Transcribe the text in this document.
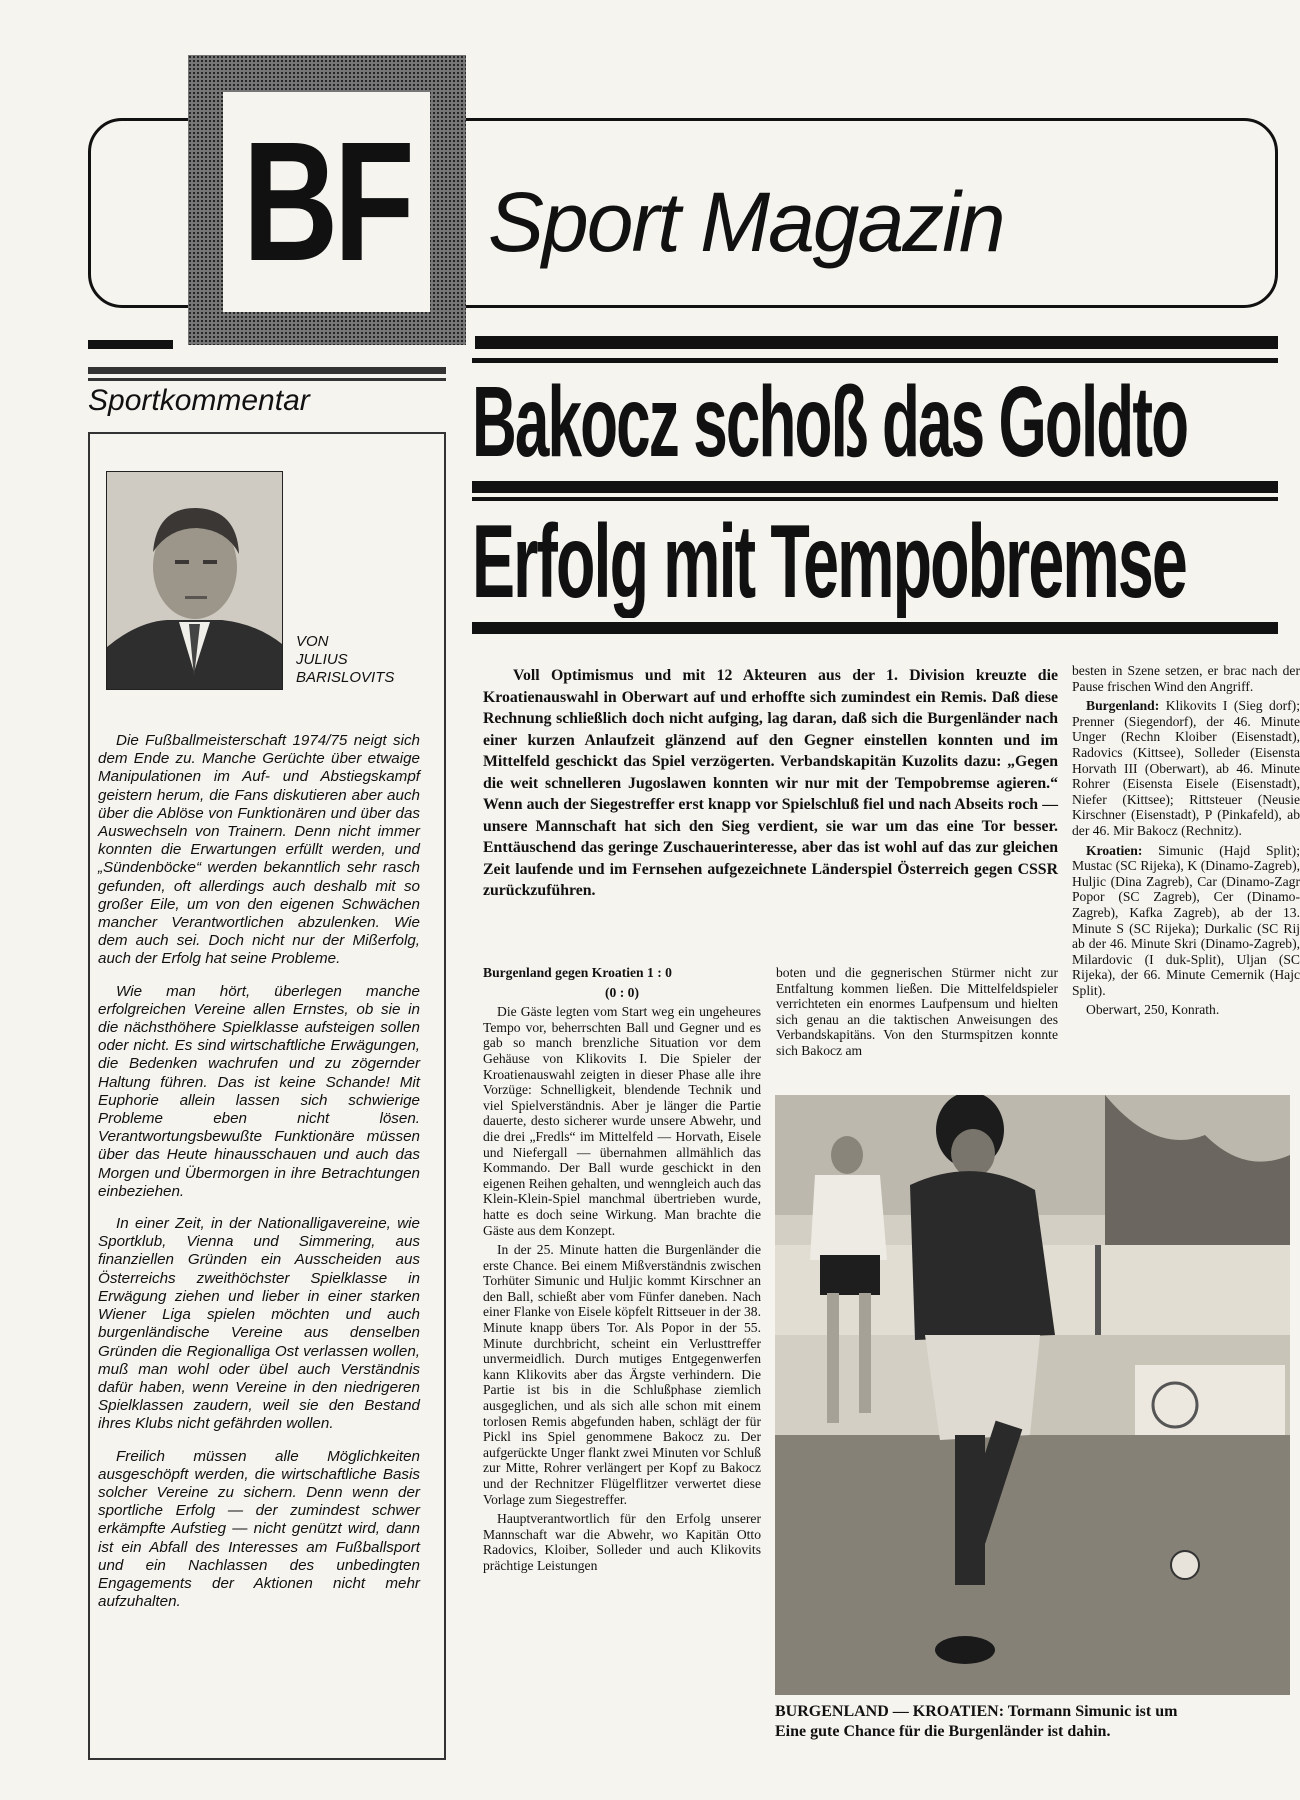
BF Sport Magazin
Sportkommentar
VON
JULIUS
BARISLOVITS

Die Fußballmeisterschaft 1974/75 neigt sich dem Ende zu. Manche Gerüchte über etwaige Manipulationen im Auf- und Abstiegskampf geistern herum, die Fans diskutieren aber auch über die Ablöse von Funktionären und über das Auswechseln von Trainern. Denn nicht immer konnten die Erwartungen erfüllt werden, und „Sündenböcke“ werden bekanntlich sehr rasch gefunden, oft allerdings auch deshalb mit so großer Eile, um von den eigenen Schwächen mancher Verantwortlichen abzulenken. Wie dem auch sei. Doch nicht nur der Mißerfolg, auch der Erfolg hat seine Probleme.

Wie man hört, überlegen manche erfolgreichen Vereine allen Ernstes, ob sie in die nächsthöhere Spielklasse aufsteigen sollen oder nicht. Es sind wirtschaftliche Erwägungen, die Bedenken wachrufen und zu zögernder Haltung führen. Das ist keine Schande! Mit Euphorie allein lassen sich schwierige Probleme eben nicht lösen. Verantwortungsbewußte Funktionäre müssen über das Heute hinausschauen und auch das Morgen und Übermorgen in ihre Betrachtungen einbeziehen.

In einer Zeit, in der Nationalligavereine, wie Sportklub, Vienna und Simmering, aus finanziellen Gründen ein Ausscheiden aus Österreichs zweithöchster Spielklasse in Erwägung ziehen und lieber in einer starken Wiener Liga spielen möchten und auch burgenländische Vereine aus denselben Gründen die Regionalliga Ost verlassen wollen, muß man wohl oder übel auch Verständnis dafür haben, wenn Vereine in den niedrigeren Spielklassen zaudern, weil sie den Bestand ihres Klubs nicht gefährden wollen.

Freilich müssen alle Möglichkeiten ausgeschöpft werden, die wirtschaftliche Basis solcher Vereine zu sichern. Denn wenn der sportliche Erfolg — der zumindest schwer erkämpfte Aufstieg — nicht genützt wird, dann ist ein Abfall des Interesses am Fußballsport und ein Nachlassen des unbedingten Engagements der Aktionen nicht mehr aufzuhalten.

Bakocz schoß das Goldto
Erfolg mit Tempobremse

Voll Optimismus und mit 12 Akteuren aus der 1. Division kreuzte die Kroatienauswahl in Oberwart auf und erhoffte sich zumindest ein Remis. Daß diese Rechnung schließlich doch nicht aufging, lag daran, daß sich die Burgenländer nach einer kurzen Anlaufzeit glänzend auf den Gegner einstellen konnten und im Mittelfeld geschickt das Spiel verzögerten. Verbandskapitän Kuzolits dazu: „Gegen die weit schnelleren Jugoslawen konnten wir nur mit der Tempobremse agieren.“ Wenn auch der Siegestreffer erst knapp vor Spielschluß fiel und nach Abseits roch — unsere Mannschaft hat sich den Sieg verdient, sie war um das eine Tor besser. Enttäuschend das geringe Zuschauerinteresse, aber das ist wohl auf das zur gleichen Zeit laufende und im Fernsehen aufgezeichnete Länderspiel Österreich gegen CSSR zurückzuführen.

Burgenland gegen Kroatien 1 : 0

(0 : 0)

Die Gäste legten vom Start weg ein ungeheures Tempo vor, beherrschten Ball und Gegner und es gab so manch brenzliche Situation vor dem Gehäuse von Klikovits I. Die Spieler der Kroatienauswahl zeigten in dieser Phase alle ihre Vorzüge: Schnelligkeit, blendende Technik und viel Spielverständnis. Aber je länger die Partie dauerte, desto sicherer wurde unsere Abwehr, und die drei „Fredls“ im Mittelfeld — Horvath, Eisele und Niefergall — übernahmen allmählich das Kommando. Der Ball wurde geschickt in den eigenen Reihen gehalten, und wenngleich auch das Klein-Klein-Spiel manchmal übertrieben wurde, hatte es doch seine Wirkung. Man brachte die Gäste aus dem Konzept.

In der 25. Minute hatten die Burgenländer die erste Chance. Bei einem Mißverständnis zwischen Torhüter Simunic und Huljic kommt Kirschner an den Ball, schießt aber vom Fünfer daneben. Nach einer Flanke von Eisele köpfelt Rittseuer in der 38. Minute knapp übers Tor. Als Popor in der 55. Minute durchbricht, scheint ein Verlusttreffer unvermeidlich. Durch mutiges Entgegenwerfen kann Klikovits aber das Ärgste verhindern. Die Partie ist bis in die Schlußphase ziemlich ausgeglichen, und als sich alle schon mit einem torlosen Remis abgefunden haben, schlägt der für Pickl ins Spiel genommene Bakocz zu. Der aufgerückte Unger flankt zwei Minuten vor Schluß zur Mitte, Rohrer verlängert per Kopf zu Bakocz und der Rechnitzer Flügelflitzer verwertet diese Vorlage zum Siegestreffer.

Hauptverantwortlich für den Erfolg unserer Mannschaft war die Abwehr, wo Kapitän Otto Radovics, Kloiber, Solleder und auch Klikovits prächtige Leistungen

boten und die gegnerischen Stürmer nicht zur Entfaltung kommen ließen. Die Mittelfeldspieler verrichteten ein enormes Laufpensum und hielten sich genau an die taktischen Anweisungen des Verbandskapitäns. Von den Sturmspitzen konnte sich Bakocz am

besten in Szene setzen, er brac nach der Pause frischen Wind den Angriff.

Burgenland: Klikovits I (Sieg dorf); Prenner (Siegendorf), der 46. Minute Unger (Rechn Kloiber (Eisenstadt), Radovics (Kittsee), Solleder (Eisensta Horvath III (Oberwart), ab 46. Minute Rohrer (Eisensta Eisele (Eisenstadt), Niefer (Kittsee); Rittsteuer (Neusie Kirschner (Eisenstadt), P (Pinkafeld), ab der 46. Mir Bakocz (Rechnitz).

Kroatien: Simunic (Hajd Split); Mustac (SC Rijeka), K (Dinamo-Zagreb), Huljic (Dina Zagreb), Car (Dinamo-Zagr Popor (SC Zagreb), Cer (Dinamo-Zagreb), Kafka Zagreb), ab der 13. Minute S (SC Rijeka); Durkalic (SC Rij ab der 46. Minute Skri (Dinamo-Zagreb), Milardovic (I duk-Split), Uljan (SC Rijeka), der 66. Minute Cemernik (Hajc Split).

Oberwart, 250, Konrath.

BURGENLAND — KROATIEN: Tormann Simunic ist um
Eine gute Chance für die Burgenländer ist dahin.
